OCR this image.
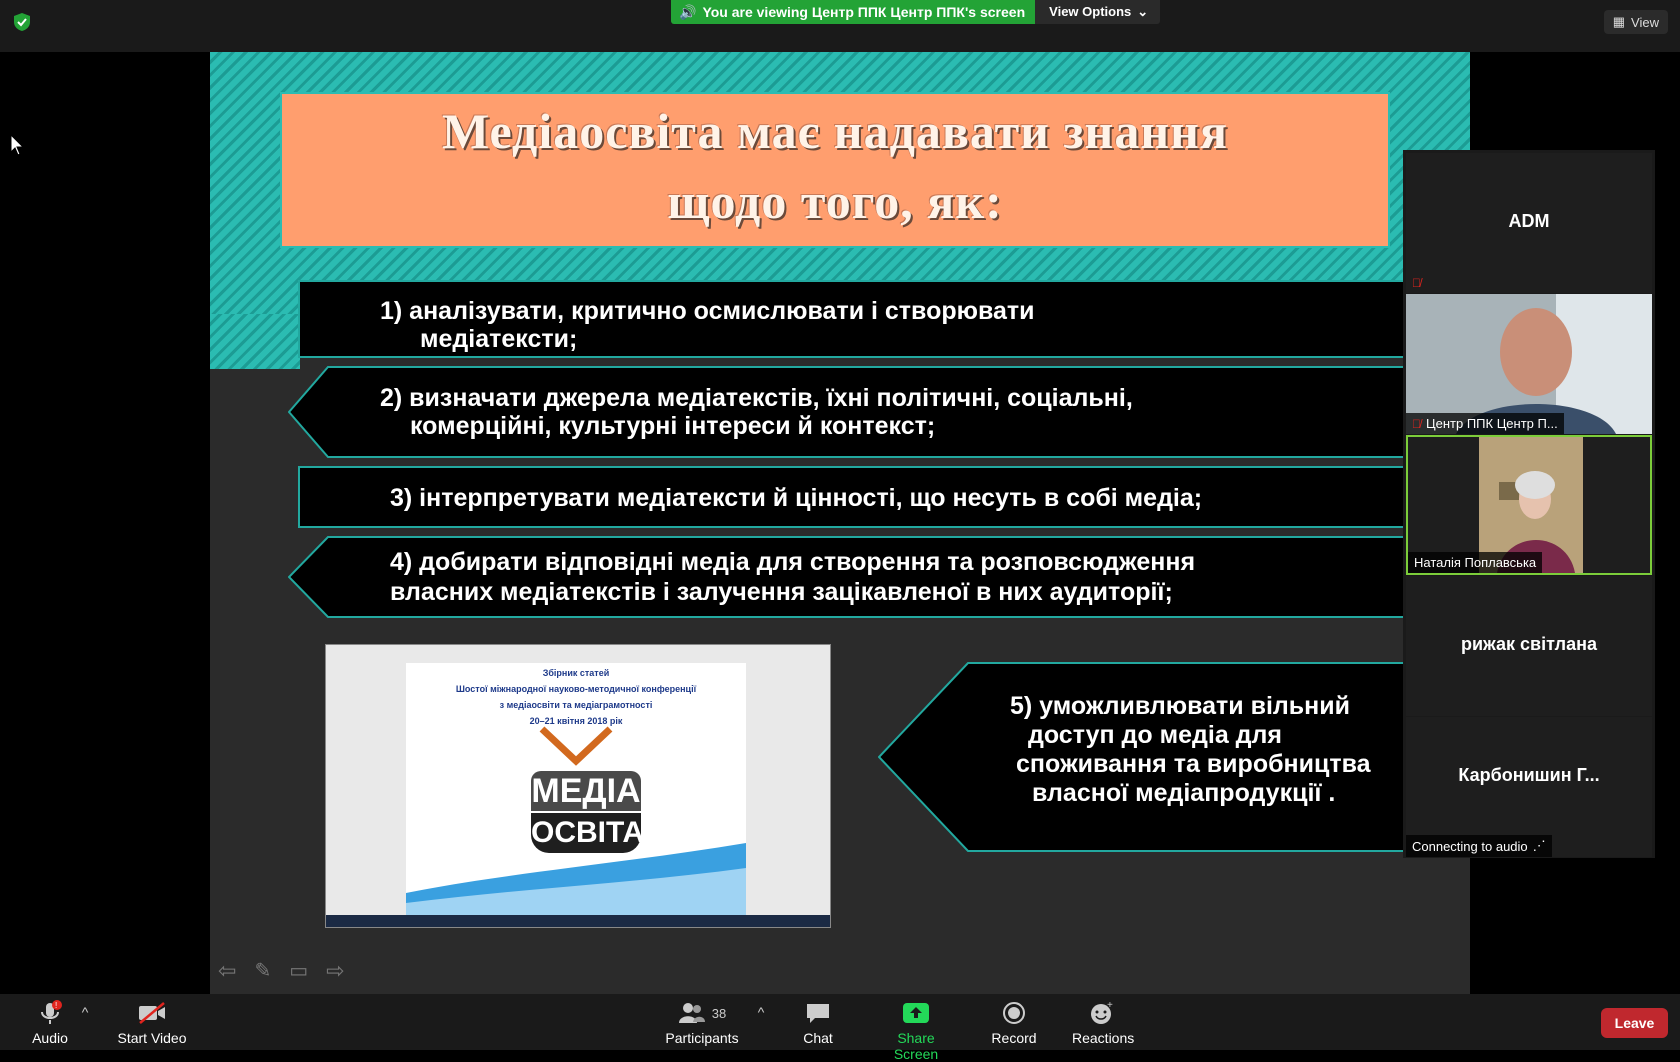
🔊 You are viewing Центр ППК Центр ППК's screen View Options ⌄
▦ View
Медіаосвіта має надавати знання
щодо того, як:
1) аналізувати, критично осмислювати і створювати
медіатексти;
2) визначати джерела медіатекстів, їхні політичні, соціальні,
комерційні, культурні інтереси й контекст;
3) інтерпретувати медіатексти й цінності, що несуть в собі медіа;
4) добирати відповідні медіа для створення та розповсюдження
власних медіатекстів і залучення зацікавленої в них аудиторії;
Збірник статей
Шостої міжнародної науково-методичної конференції
з медіаосвіти та медіаграмотності
20–21 квітня 2018 рік
МЕДІА
ОСВІТА
5) уможливлювати вільний
доступ до медіа для
споживання та виробництва
власної медіапродукції .
⇦ ✎ ▭ ⇨
ADM
🎙̸
🎙̸ Центр ППК Центр П...
Наталія Поплавська
рижак світлана
Карбонишин Г...
Connecting to audio ⋰
!
Audio
^
Start Video
38
Participants
^
Chat	Share Screen
Record
+
Reactions
Leave
